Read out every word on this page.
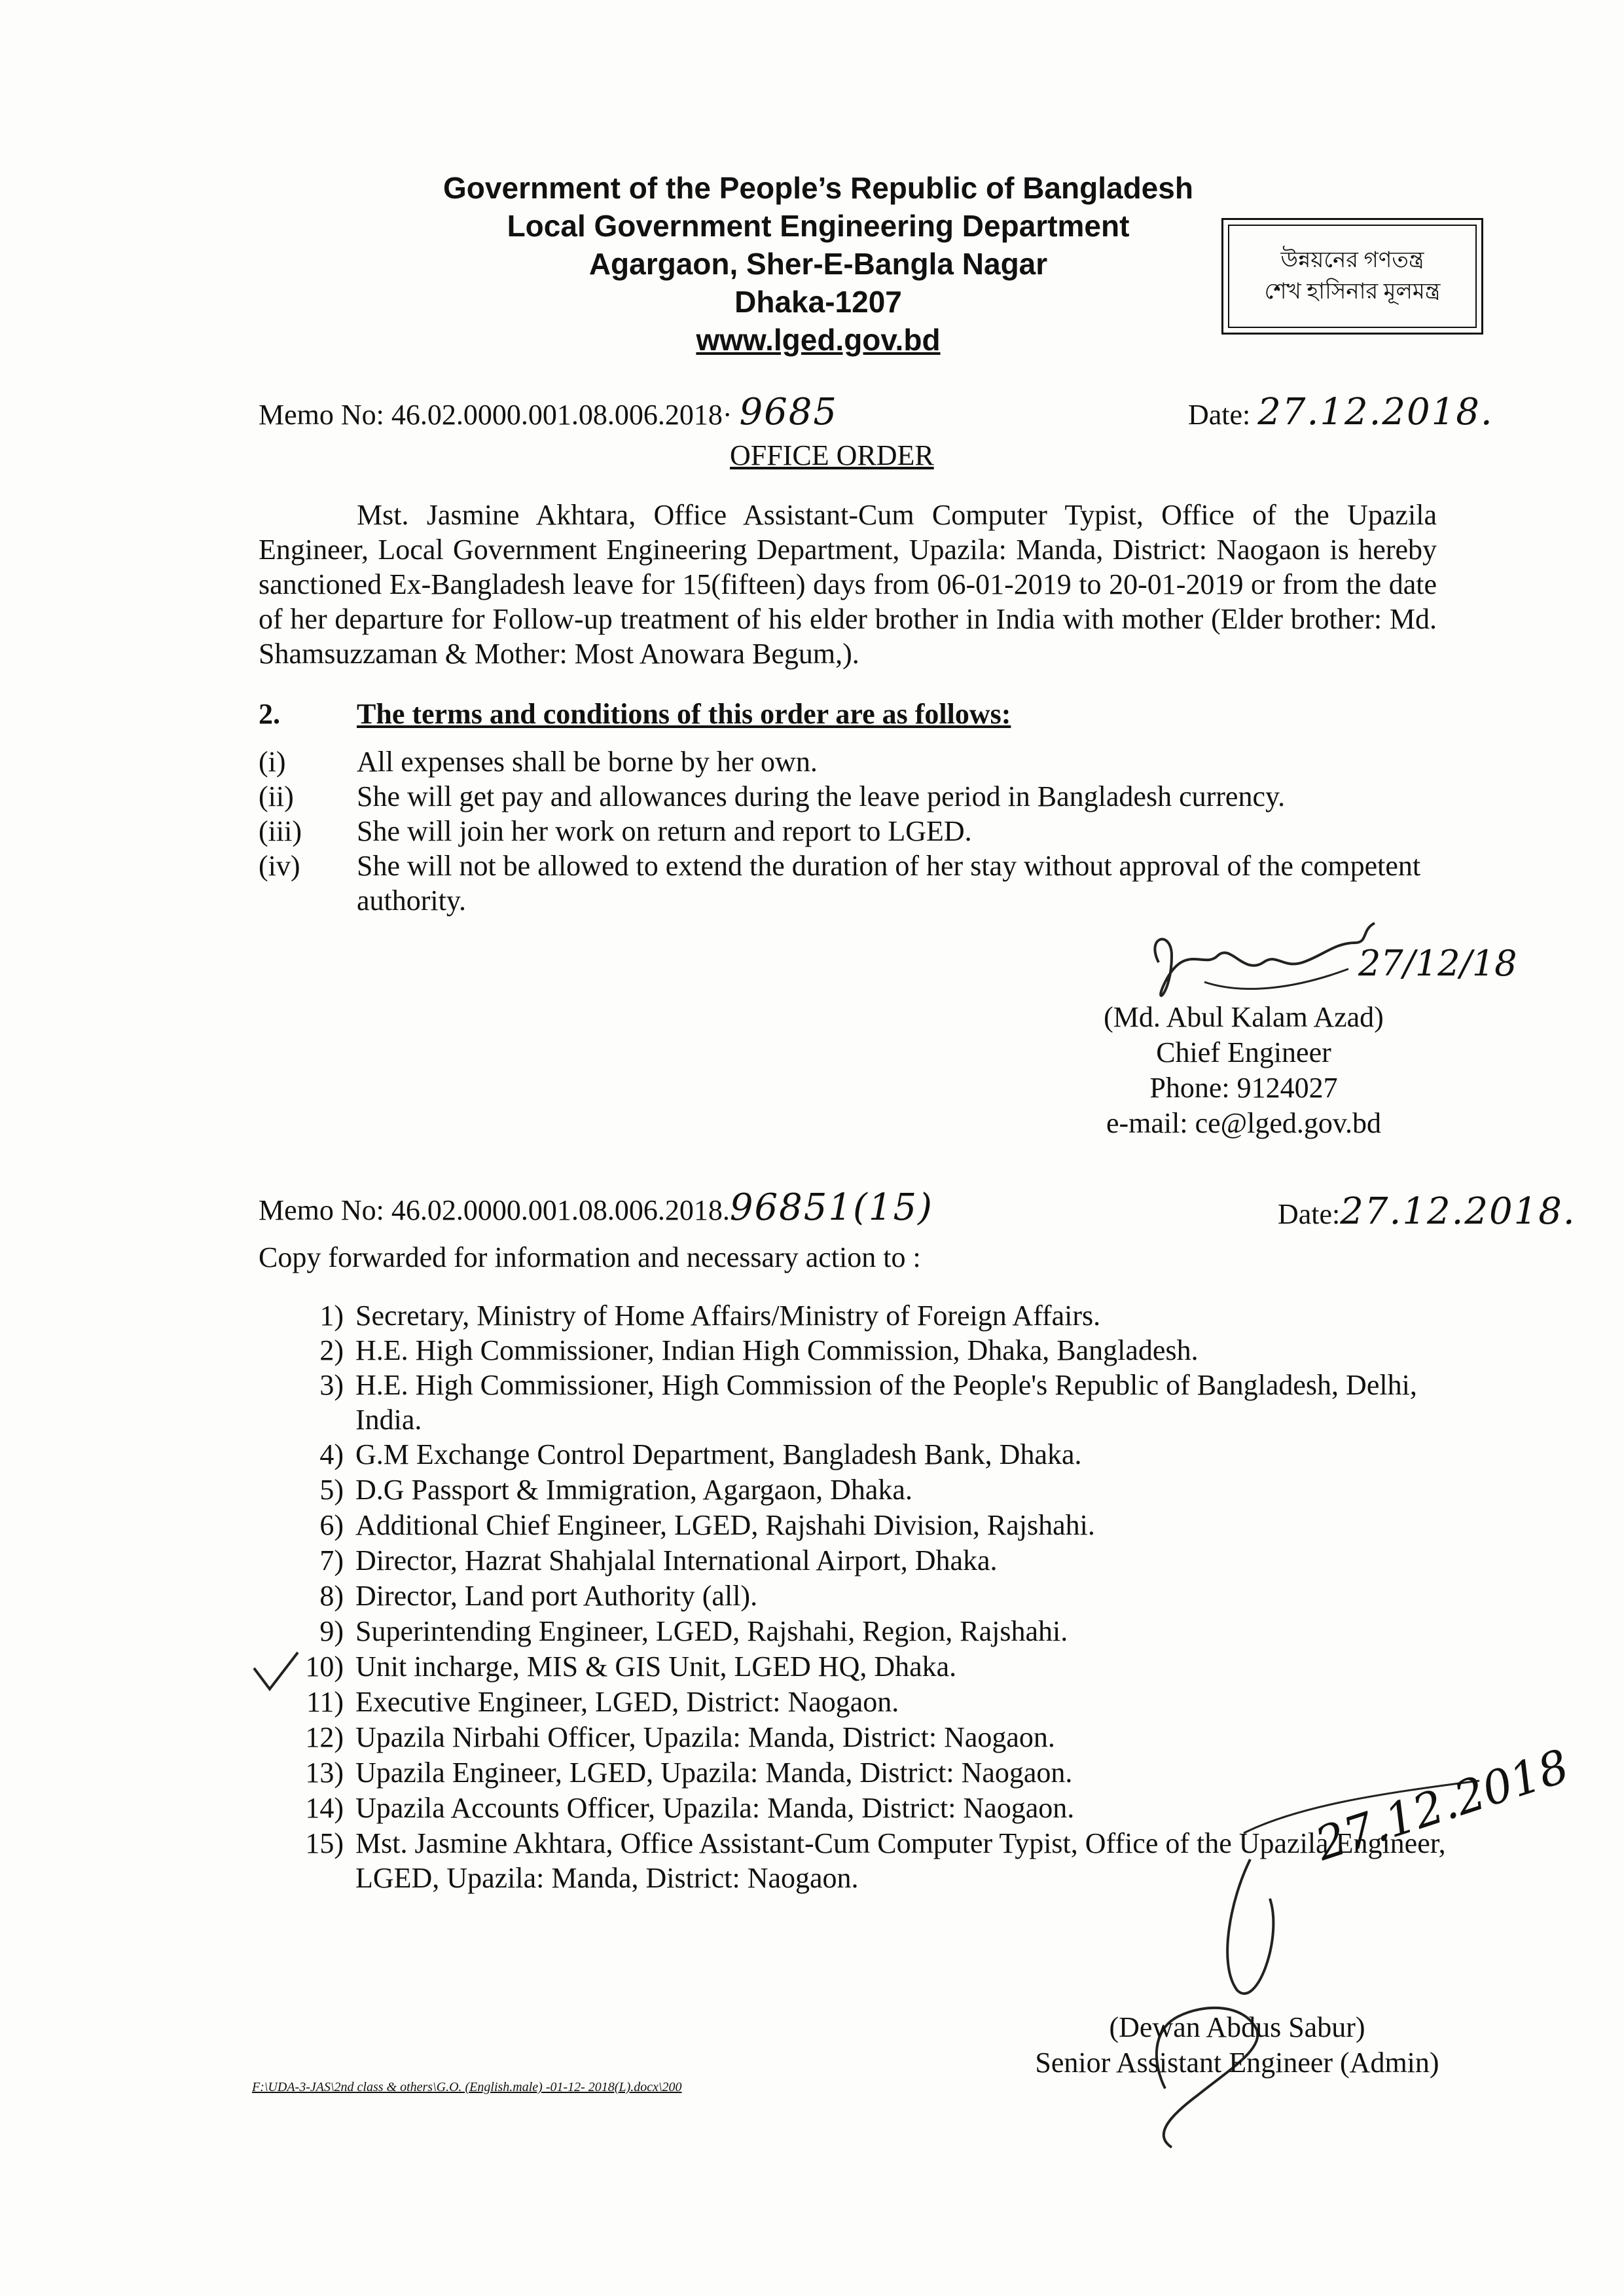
Government of the People’s Republic of Bangladesh
Local Government Engineering Department
Agargaon, Sher-E-Bangla Nagar
Dhaka-1207
www.lged.gov.bd
উন্নয়নের গণতন্ত্র
শেখ হাসিনার মূলমন্ত্র
Memo No: 46.02.0000.001.08.006.2018· 9685	Date: 27.12.2018.
OFFICE ORDER
Mst. Jasmine Akhtara, Office Assistant-Cum Computer Typist, Office of the Upazila Engineer, Local Government Engineering Department, Upazila: Manda, District: Naogaon is hereby sanctioned Ex-Bangladesh leave for 15(fifteen) days from 06-01-2019 to 20-01-2019 or from the date of her departure for Follow-up treatment of his elder brother in India with mother (Elder brother: Md. Shamsuzzaman & Mother: Most Anowara Begum,).
2.	The terms and conditions of this order are as follows:
(i) All expenses shall be borne by her own.
(ii) She will get pay and allowances during the leave period in Bangladesh currency.
(iii) She will join her work on return and report to LGED.
(iv) She will not be allowed to extend the duration of her stay without approval of the competent authority.
27/12/18
(Md. Abul Kalam Azad)
Chief Engineer
Phone: 9124027
e-mail: ce@lged.gov.bd
Memo No: 46.02.0000.001.08.006.2018.96851(15)	Date:27.12.2018.
Copy forwarded for information and necessary action to :
1) Secretary, Ministry of Home Affairs/Ministry of Foreign Affairs.
2) H.E. High Commissioner, Indian High Commission, Dhaka, Bangladesh.
3) H.E. High Commissioner, High Commission of the People's Republic of Bangladesh, Delhi, India.
4) G.M Exchange Control Department, Bangladesh Bank, Dhaka.
5) D.G Passport & Immigration, Agargaon, Dhaka.
6) Additional Chief Engineer, LGED, Rajshahi Division, Rajshahi.
7) Director, Hazrat Shahjalal International Airport, Dhaka.
8) Director, Land port Authority (all).
9) Superintending Engineer, LGED, Rajshahi, Region, Rajshahi.
10) Unit incharge, MIS & GIS Unit, LGED HQ, Dhaka.
11) Executive Engineer, LGED, District: Naogaon.
12) Upazila Nirbahi Officer, Upazila: Manda, District: Naogaon.
13) Upazila Engineer, LGED, Upazila: Manda, District: Naogaon.
14) Upazila Accounts Officer, Upazila: Manda, District: Naogaon.
15) Mst. Jasmine Akhtara, Office Assistant-Cum Computer Typist, Office of the Upazila Engineer, LGED, Upazila: Manda, District: Naogaon.
27.12.2018
(Dewan Abdus Sabur)
Senior Assistant Engineer (Admin)
F:\UDA-3-JAS\2nd class & others\G.O. (English.male) -01-12- 2018(L).docx\200
